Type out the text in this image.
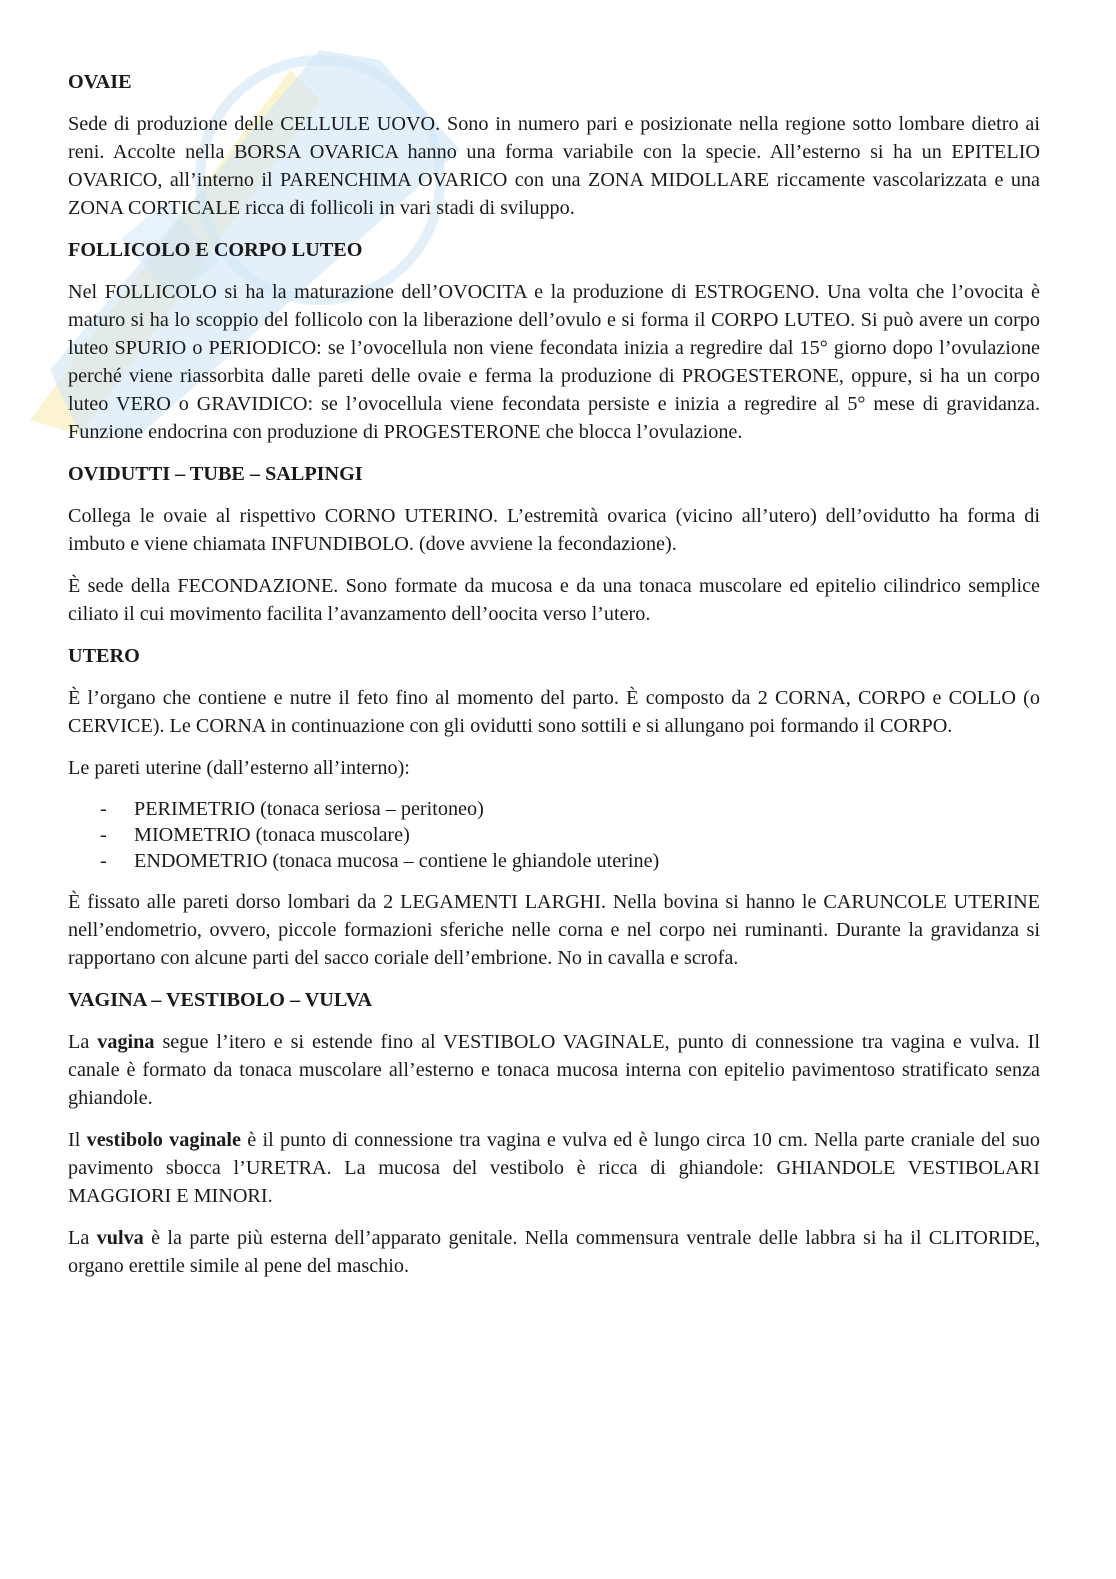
OVAIE

Sede di produzione delle CELLULE UOVO. Sono in numero pari e posizionate nella regione sotto lombare dietro ai reni. Accolte nella BORSA OVARICA hanno una forma variabile con la specie. All’esterno si ha un EPITELIO OVARICO, all’interno il PARENCHIMA OVARICO con una ZONA MIDOLLARE riccamente vascolarizzata e una ZONA CORTICALE ricca di follicoli in vari stadi di sviluppo.

FOLLICOLO E CORPO LUTEO

Nel FOLLICOLO si ha la maturazione dell’OVOCITA e la produzione di ESTROGENO. Una volta che l’ovocita è maturo si ha lo scoppio del follicolo con la liberazione dell’ovulo e si forma il CORPO LUTEO. Si può avere un corpo luteo SPURIO o PERIODICO: se l’ovocellula non viene fecondata inizia a regredire dal 15° giorno dopo l’ovulazione perché viene riassorbita dalle pareti delle ovaie e ferma la produzione di PROGESTERONE, oppure, si ha un corpo luteo VERO o GRAVIDICO: se l’ovocellula viene fecondata persiste e inizia a regredire al 5° mese di gravidanza. Funzione endocrina con produzione di PROGESTERONE che blocca l’ovulazione.

OVIDUTTI – TUBE – SALPINGI

Collega le ovaie al rispettivo CORNO UTERINO. L’estremità ovarica (vicino all’utero) dell’ovidutto ha forma di imbuto e viene chiamata INFUNDIBOLO. (dove avviene la fecondazione).

È sede della FECONDAZIONE. Sono formate da mucosa e da una tonaca muscolare ed epitelio cilindrico semplice ciliato il cui movimento facilita l’avanzamento dell’oocita verso l’utero.

UTERO

È l’organo che contiene e nutre il feto fino al momento del parto. È composto da 2 CORNA, CORPO e COLLO (o CERVICE). Le CORNA in continuazione con gli ovidutti sono sottili e si allungano poi formando il CORPO.

Le pareti uterine (dall’esterno all’interno):

- PERIMETRIO (tonaca seriosa – peritoneo)
- MIOMETRIO (tonaca muscolare)
- ENDOMETRIO (tonaca mucosa – contiene le ghiandole uterine)

È fissato alle pareti dorso lombari da 2 LEGAMENTI LARGHI. Nella bovina si hanno le CARUNCOLE UTERINE nell’endometrio, ovvero, piccole formazioni sferiche nelle corna e nel corpo nei ruminanti. Durante la gravidanza si rapportano con alcune parti del sacco coriale dell’embrione. No in cavalla e scrofa.

VAGINA – VESTIBOLO – VULVA

La vagina segue l’itero e si estende fino al VESTIBOLO VAGINALE, punto di connessione tra vagina e vulva. Il canale è formato da tonaca muscolare all’esterno e tonaca mucosa interna con epitelio pavimentoso stratificato senza ghiandole.

Il vestibolo vaginale è il punto di connessione tra vagina e vulva ed è lungo circa 10 cm. Nella parte craniale del suo pavimento sbocca l’URETRA. La mucosa del vestibolo è ricca di ghiandole: GHIANDOLE VESTIBOLARI MAGGIORI E MINORI.

La vulva è la parte più esterna dell’apparato genitale. Nella commensura ventrale delle labbra si ha il CLITORIDE, organo erettile simile al pene del maschio.
